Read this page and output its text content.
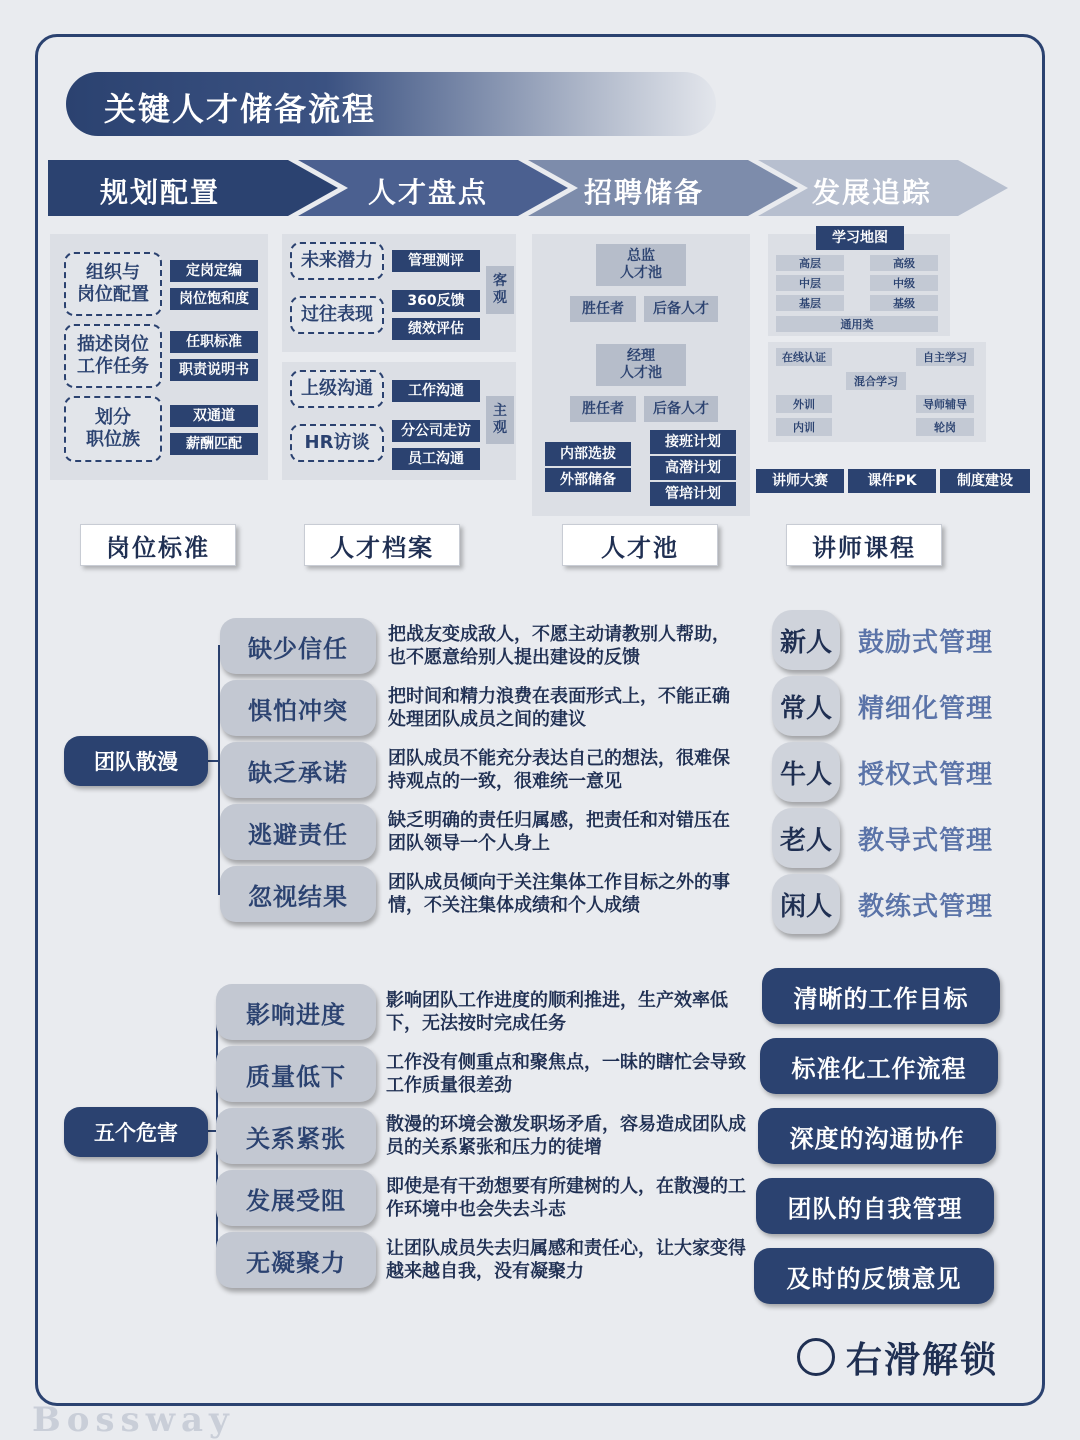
关键人才储备流程
规划配置	人才盘点	招聘储备	发展追踪
组织与
岗位配置
描述岗位
工作任务
划分
职位族
定岗定编
岗位饱和度
任职标准
职责说明书
双通道
薪酬匹配
未来潜力
过往表现
管理测评
360反馈
绩效评估
客
观
上级沟通
HR访谈
工作沟通
分公司走访
员工沟通
主
观
总监
人才池
胜任者	后备人才
经理
人才池
胜任者	后备人才
内部选拔
外部储备
接班计划
高潜计划
管培计划
学习地图
高层
中层
基层
高级
中级
基级
通用类
在线认证	自主学习
混合学习
外训	导师辅导
内训	轮岗
讲师大赛	课件PK	制度建设
岗位标准	人才档案	人才池	讲师课程
团队散漫
缺少信任
惧怕冲突
缺乏承诺
逃避责任
忽视结果
把战友变成敌人，不愿主动请教别人帮助，也不愿意给别人提出建设的反馈
把时间和精力浪费在表面形式上，不能正确处理团队成员之间的建议
团队成员不能充分表达自己的想法，很难保持观点的一致，很难统一意见
缺乏明确的责任归属感，把责任和对错压在团队领导一个人身上
团队成员倾向于关注集体工作目标之外的事情，不关注集体成绩和个人成绩
新人
常人
牛人
老人
闲人
鼓励式管理
精细化管理
授权式管理
教导式管理
教练式管理
五个危害
影响进度
质量低下
关系紧张
发展受阻
无凝聚力
影响团队工作进度的顺利推进，生产效率低下，无法按时完成任务
工作没有侧重点和聚焦点，一昧的瞎忙会导致工作质量很差劲
散漫的环境会激发职场矛盾，容易造成团队成员的关系紧张和压力的徒增
即使是有干劲想要有所建树的人，在散漫的工作环境中也会失去斗志
让团队成员失去归属感和责任心，让大家变得越来越自我，没有凝聚力
清晰的工作目标
标准化工作流程
深度的沟通协作
团队的自我管理
及时的反馈意见
右滑解锁
Bossway
